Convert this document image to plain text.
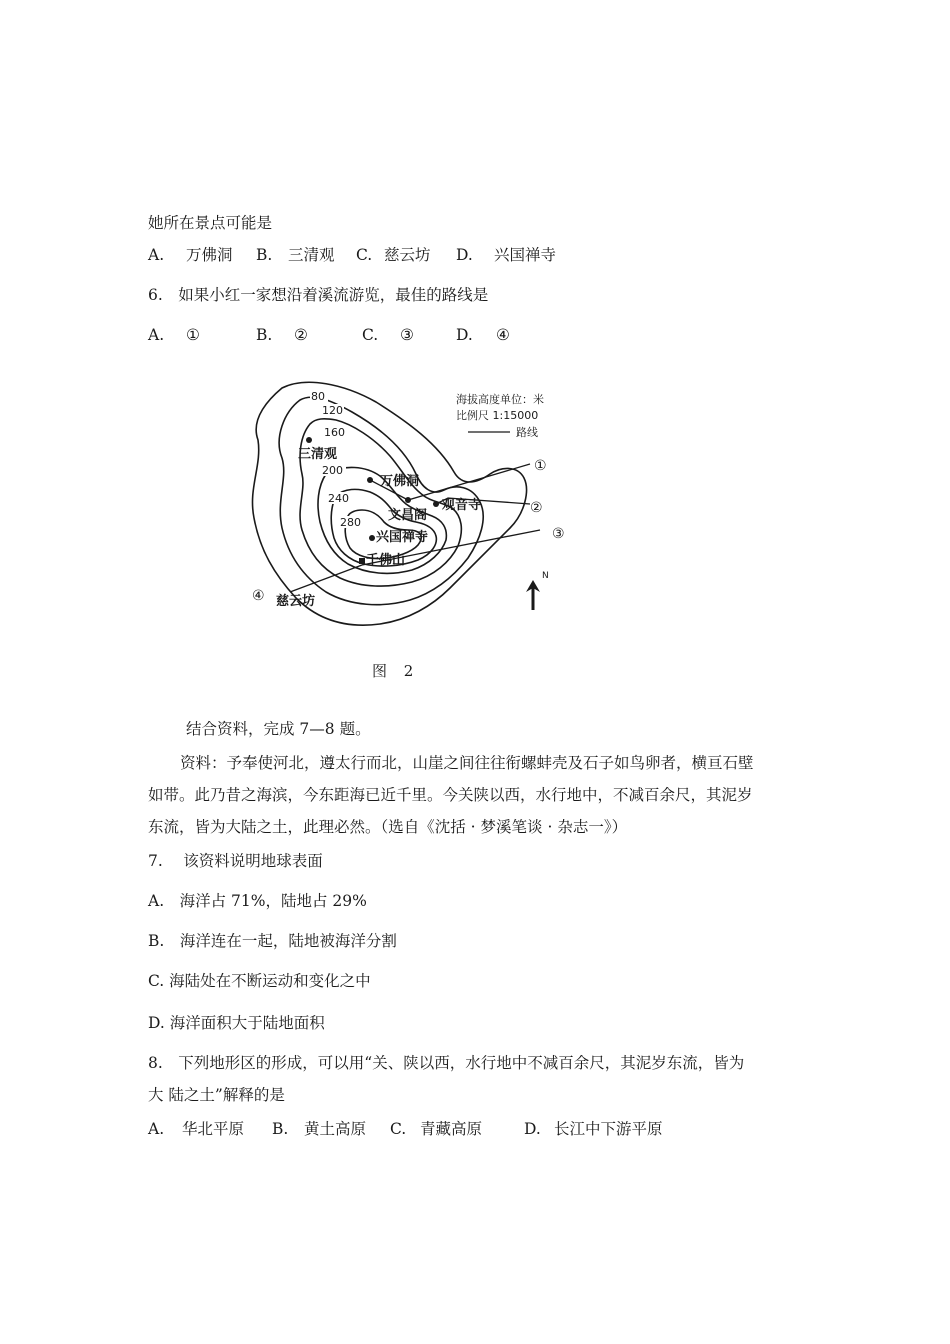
她所在景点可能是
A. 万佛洞 B. 三清观 C. 慈云坊 D. 兴国禅寺
6.　如果小红一家想沿着溪流游览，最佳的路线是
A. ①	B. ②	C. ③	D. ④
80
120
160
200
240
280
三清观
万佛洞
观音寺
文昌阁
兴国禅寺
千佛山
慈云坊
①
②
③
④
海拔高度单位：米
比例尺 1:15000
路线
N
图 2
结合资料，完成 7—8 题。
资料：予奉使河北，遵太行而北，山崖之间往往衔螺蚌壳及石子如鸟卵者，横亘石壁
如带。此乃昔之海滨，今东距海已近千里。今关陕以西，水行地中，不减百余尺，其泥岁
东流，皆为大陆之土，此理必然。（选自《沈括 · 梦溪笔谈 · 杂志一》）
7.　 该资料说明地球表面
A.　海洋占 71%，陆地占 29%
B.　海洋连在一起，陆地被海洋分割
C. 海陆处在不断运动和变化之中
D. 海洋面积大于陆地面积
8.　下列地形区的形成，可以用“关、陕以西，水行地中不减百余尺，其泥岁东流，皆为
大 陆之土”解释的是
A. 华北平原 B. 黄土高原 C. 青藏高原	D. 长江中下游平原
